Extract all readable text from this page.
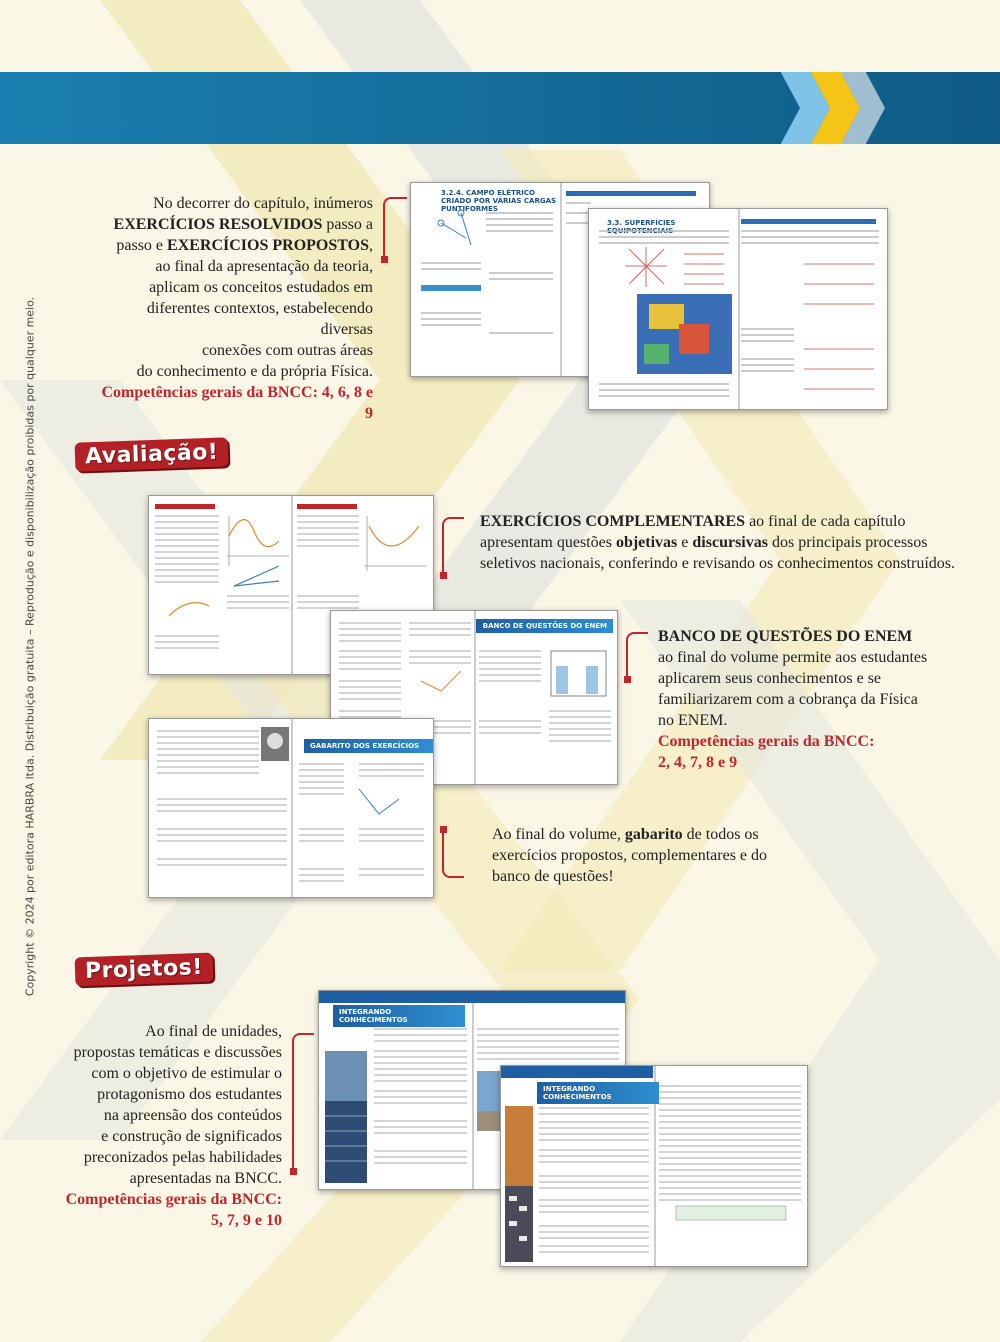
Copyright © 2024 por editora HARBRA ltda. Distribuição gratuita – Reprodução e disponibilização proibidas por qualquer meio.
No decorrer do capítulo, inúmeros
EXERCÍCIOS RESOLVIDOS passo a
passo e EXERCÍCIOS PROPOSTOS,
ao final da apresentação da teoria,
aplicam os conceitos estudados em
diferentes contextos, estabelecendo diversas
conexões com outras áreas
do conhecimento e da própria Física.
Competências gerais da BNCC: 4, 6, 8 e 9
3.2.4. CAMPO ELÉTRICO CRIADO POR VÁRIAS CARGAS PUNTIFORMES
3.3. SUPERFÍCIES EQUIPOTENCIAIS
Avaliação!
EXERCÍCIOS COMPLEMENTARES ao final de cada capítulo
apresentam questões objetivas e discursivas dos principais processos
seletivos nacionais, conferindo e revisando os conhecimentos construídos.
BANCO DE QUESTÕES DO ENEM
BANCO DE QUESTÕES DO ENEM
ao final do volume permite aos estudantes
aplicarem seus conhecimentos e se
familiarizarem com a cobrança da Física
no ENEM.
Competências gerais da BNCC:
2, 4, 7, 8 e 9
GABARITO DOS EXERCÍCIOS
Ao final do volume, gabarito de todos os
exercícios propostos, complementares e do
banco de questões!
Projetos!
Ao final de unidades,
propostas temáticas e discussões
com o objetivo de estimular o
protagonismo dos estudantes
na apreensão dos conteúdos
e construção de significados
preconizados pelas habilidades
apresentadas na BNCC.
Competências gerais da BNCC:
5, 7, 9 e 10
INTEGRANDO CONHECIMENTOS
INTEGRANDO CONHECIMENTOS
